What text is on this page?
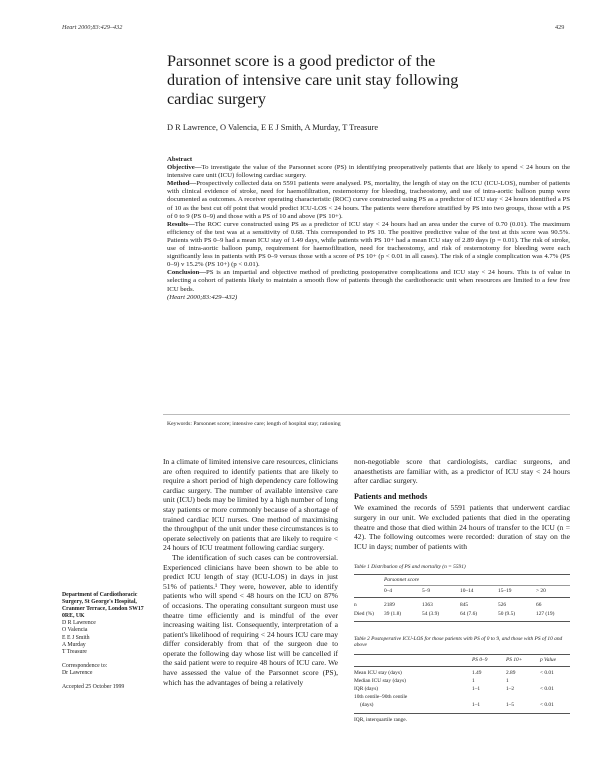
Heart 2000;83:429–432	429
Parsonnet score is a good predictor of the
duration of intensive care unit stay following
cardiac surgery
D R Lawrence, O Valencia, E E J Smith, A Murday, T Treasure
Abstract

Objective—To investigate the value of the Parsonnet score (PS) in identifying preoperatively patients that are likely to spend < 24 hours on the intensive care unit (ICU) following cardiac surgery.

Method—Prospectively collected data on 5591 patients were analysed. PS, mortality, the length of stay on the ICU (ICU-LOS), number of patients with clinical evidence of stroke, need for haemofiltration, resternotomy for bleeding, tracheostomy, and use of intra-aortic balloon pump were documented as outcomes. A receiver operating characteristic (ROC) curve constructed using PS as a predictor of ICU stay < 24 hours identified a PS of 10 as the best cut off point that would predict ICU-LOS < 24 hours. The patients were therefore stratified by PS into two groups, those with a PS of 0 to 9 (PS 0–9) and those with a PS of 10 and above (PS 10+).

Results—The ROC curve constructed using PS as a predictor of ICU stay < 24 hours had an area under the curve of 0.70 (0.01). The maximum efficiency of the test was at a sensitivity of 0.68. This corresponded to PS 10. The positive predictive value of the test at this score was 90.5%. Patients with PS 0–9 had a mean ICU stay of 1.49 days, while patients with PS 10+ had a mean ICU stay of 2.89 days (p = 0.01). The risk of stroke, use of intra-aortic balloon pump, requirement for haemofiltration, need for tracheostomy, and risk of resternotomy for bleeding were each significantly less in patients with PS 0–9 versus those with a score of PS 10+ (p < 0.01 in all cases). The risk of a single complication was 4.7% (PS 0–9) v 15.2% (PS 10+) (p < 0.01).

Conclusion—PS is an impartial and objective method of predicting postoperative complications and ICU stay < 24 hours. This is of value in selecting a cohort of patients likely to maintain a smooth flow of patients through the cardiothoracic unit when resources are limited to a few free ICU beds.

(Heart 2000;83:429–432)

Keywords: Parsonnet score; intensive care; length of hospital stay; rationing

In a climate of limited intensive care resources, clinicians are often required to identify patients that are likely to require a short period of high dependency care following cardiac surgery. The number of available intensive care unit (ICU) beds may be limited by a high number of long stay patients or more commonly because of a shortage of trained cardiac ICU nurses. One method of maximising the throughput of the unit under these circumstances is to operate selectively on patients that are likely to require < 24 hours of ICU treatment following cardiac surgery.

The identification of such cases can be controversial. Experienced clinicians have been shown to be able to predict ICU length of stay (ICU-LOS) in days in just 51% of patients.¹ They were, however, able to identify patients who will spend < 48 hours on the ICU on 87% of occasions. The operating consultant surgeon must use theatre time efficiently and is mindful of the ever increasing waiting list. Consequently, interpretation of a patient's likelihood of requiring < 24 hours ICU care may differ considerably from that of the surgeon due to operate the following day whose list will be cancelled if the said patient were to require 48 hours of ICU care. We have assessed the value of the Parsonnet score (PS), which has the advantages of being a relatively

Department of Cardiothoracic Surgery, St George's Hospital, Cranmer Terrace, London SW17 0RE, UK
D R Lawrence
O Valencia
E E J Smith
A Murday
T Treasure
Correspondence to:
Dr Lawrence
Accepted 25 October 1999

non-negotiable score that cardiologists, cardiac surgeons, and anaesthetists are familiar with, as a predictor of ICU stay < 24 hours after cardiac surgery.

Patients and methods

We examined the records of 5591 patients that underwent cardiac surgery in our unit. We excluded patients that died in the operating theatre and those that died within 24 hours of transfer to the ICU (n = 42). The following outcomes were recorded: duration of stay on the ICU in days; number of patients with

Table 1 Distribution of PS and mortality (n = 5591)
Parsonnet score
0–4	5–9	10–14	15–19	> 20
n	2189	1363	845	526	66
Died (%) 39 (1.8)	54 (3.9)	64 (7.6)	50 (9.5)	127 (19)
Table 2 Postoperative ICU-LOS for those patients with PS of 0 to 9, and those with PS of 10 and above
PS 0–9	PS 10+	p Value
Mean ICU stay (days)	1.49	2.89	< 0.01
Median ICU stay (days)	1	1
IQR (days)	1–1	1–2	< 0.01
10th centile–90th centile
(days)	1–1	1–5	< 0.01
IQR, interquartile range.
